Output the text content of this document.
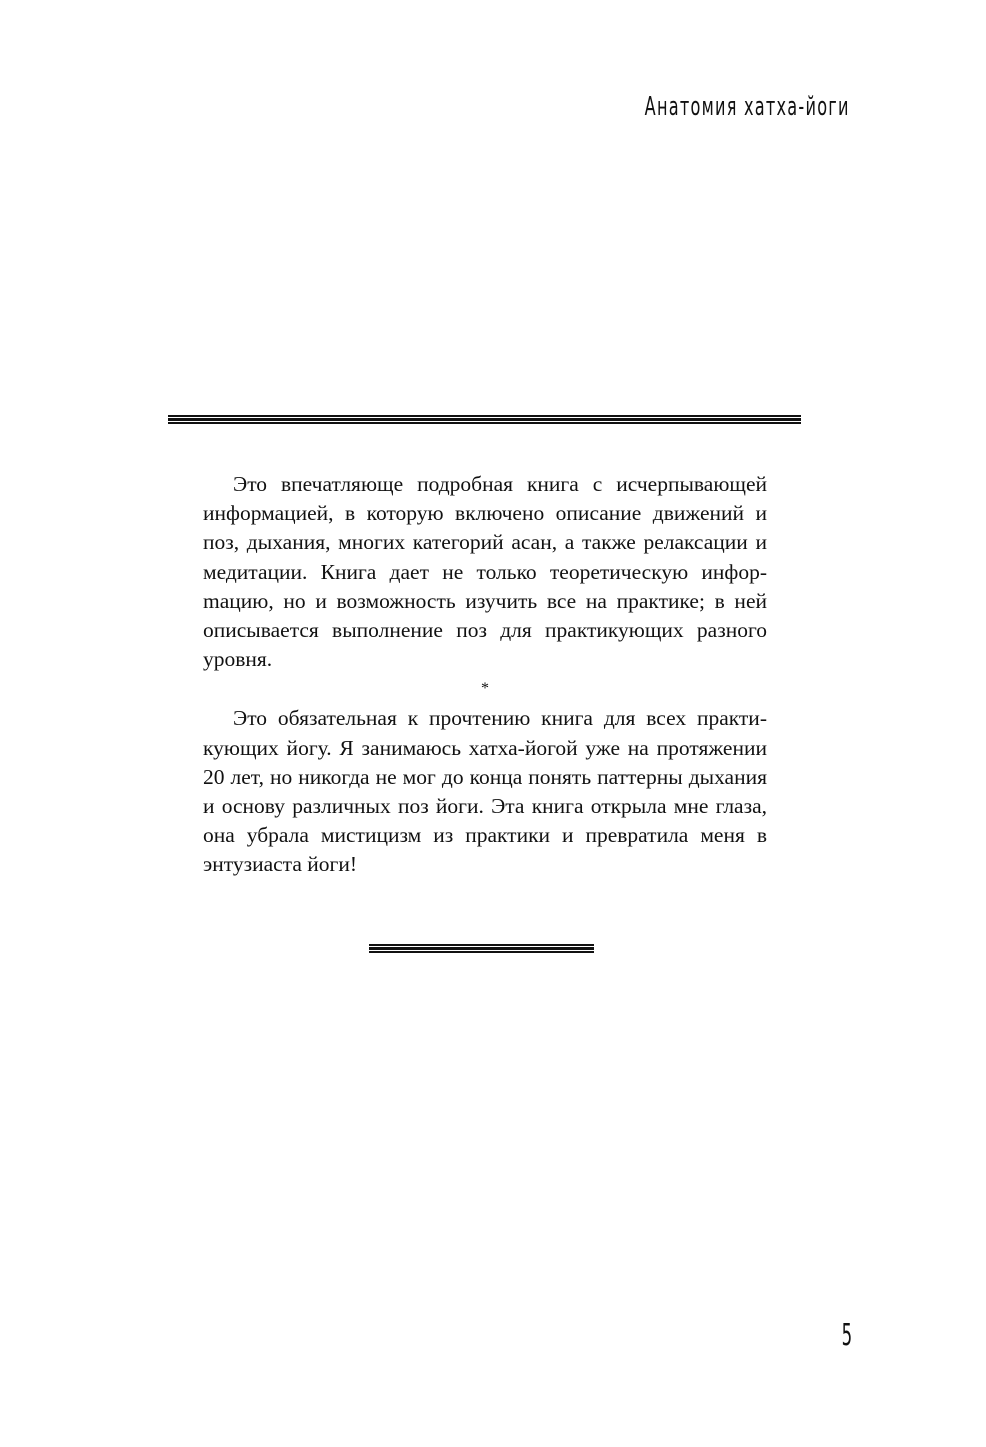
Анатомия хатха-йоги

Это впечатляюще подробная книга с исчерпывающей информацией, в которую включено описание движений и поз, дыхания, многих категорий асан, а также релаксации и медитации. Книга дает не только теоретическую инфорmацию, но и возможность изучить все на практике; в ней описывается выполнение поз для практикующих разного уровня.

*

Это обязательная к прочтению книга для всех практикующих йогу. Я занимаюсь хатха-йогой уже на протяжении 20 лет, но никогда не мог до конца понять паттерны дыхания и основу различных поз йоги. Эта книга открыла мне глаза, она убрала мистицизм из практики и превратила меня в энтузиаста йоги!

5
